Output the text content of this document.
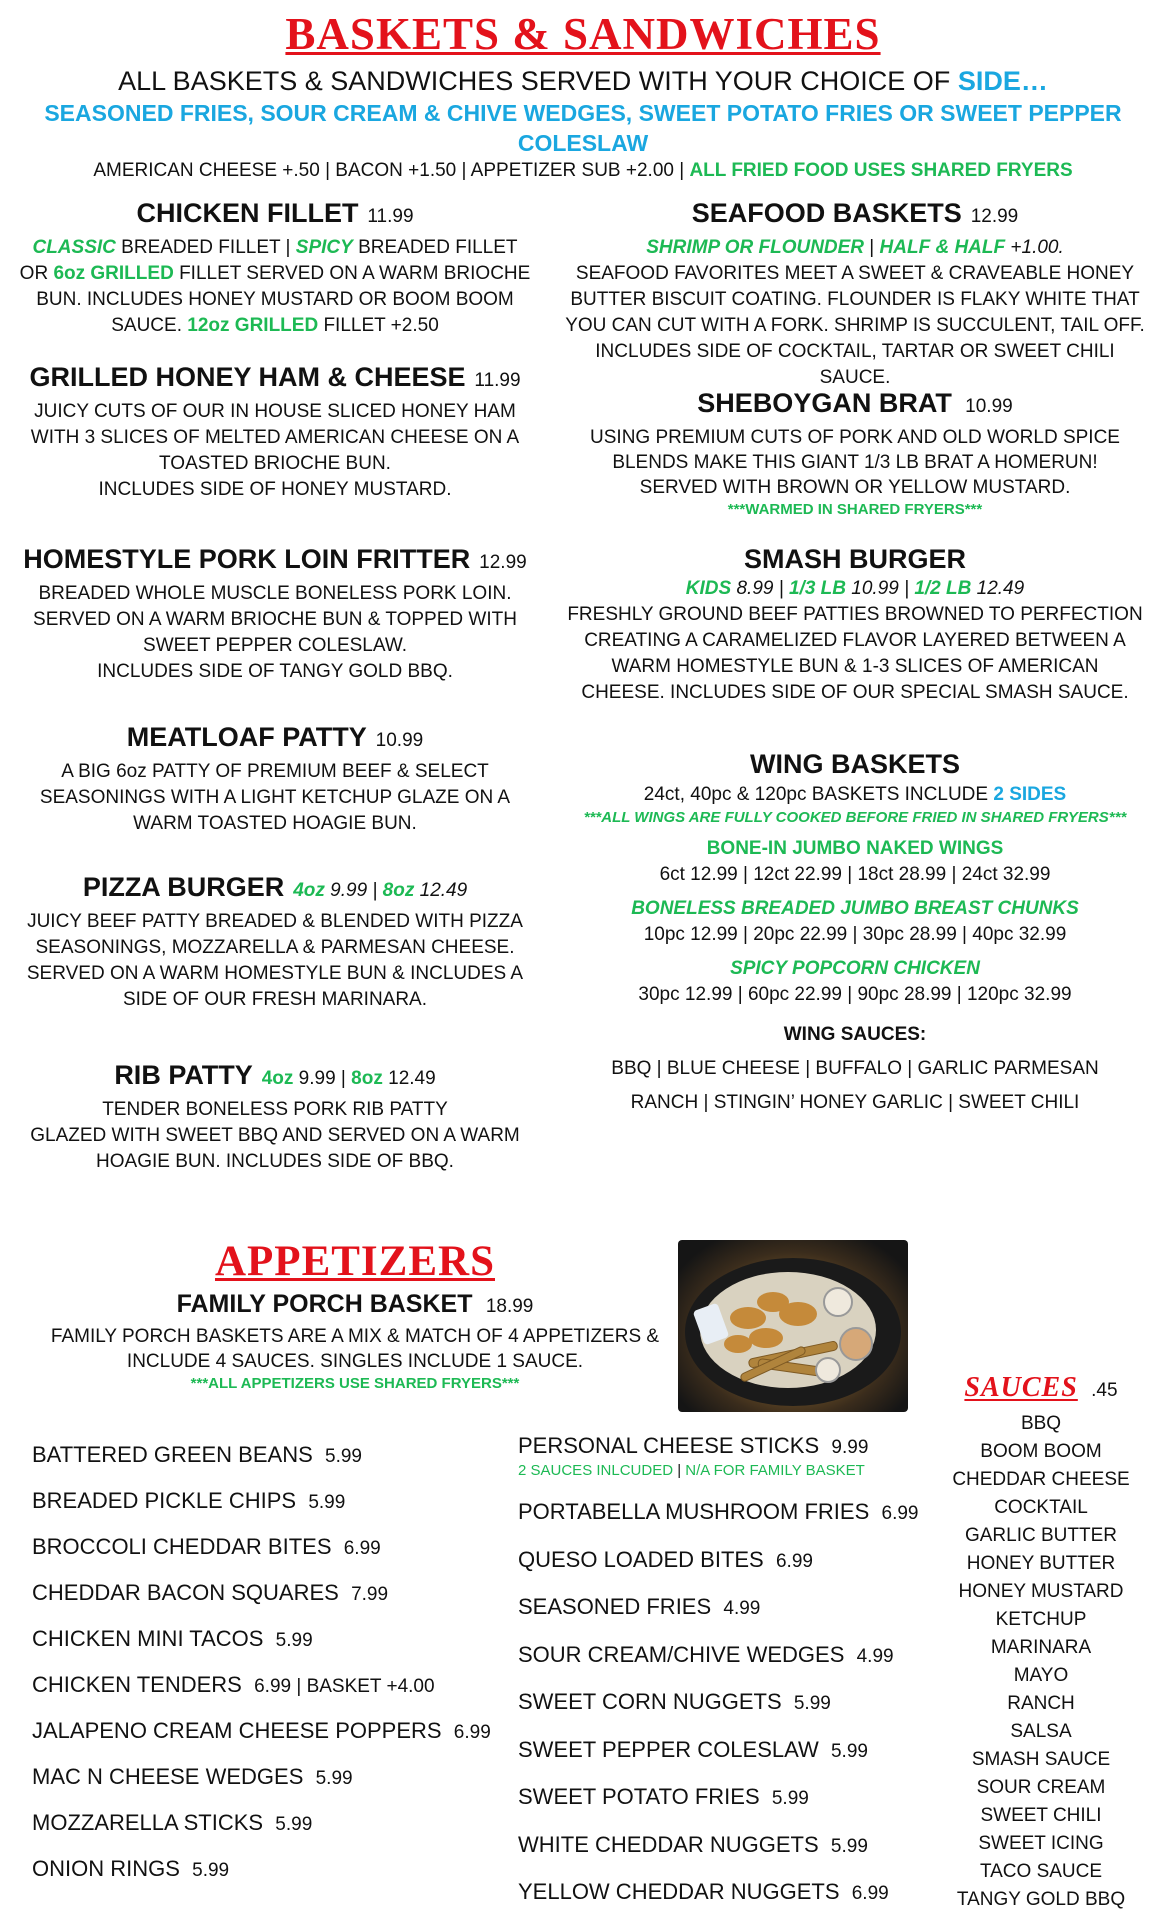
BASKETS & SANDWICHES
ALL BASKETS & SANDWICHES SERVED WITH YOUR CHOICE OF SIDE…
SEASONED FRIES, SOUR CREAM & CHIVE WEDGES, SWEET POTATO FRIES OR SWEET PEPPER COLESLAW
AMERICAN CHEESE +.50 | BACON +1.50 | APPETIZER SUB +2.00 | ALL FRIED FOOD USES SHARED FRYERS
CHICKEN FILLET 11.99
CLASSIC BREADED FILLET | SPICY BREADED FILLET
OR 6oz GRILLED FILLET SERVED ON A WARM BRIOCHE
BUN. INCLUDES HONEY MUSTARD OR BOOM BOOM
SAUCE. 12oz GRILLED FILLET +2.50
GRILLED HONEY HAM & CHEESE 11.99
JUICY CUTS OF OUR IN HOUSE SLICED HONEY HAM
WITH 3 SLICES OF MELTED AMERICAN CHEESE ON A
TOASTED BRIOCHE BUN.
INCLUDES SIDE OF HONEY MUSTARD.
HOMESTYLE PORK LOIN FRITTER 12.99
BREADED WHOLE MUSCLE BONELESS PORK LOIN.
SERVED ON A WARM BRIOCHE BUN & TOPPED WITH
SWEET PEPPER COLESLAW.
INCLUDES SIDE OF TANGY GOLD BBQ.
MEATLOAF PATTY 10.99
A BIG 6oz PATTY OF PREMIUM BEEF & SELECT
SEASONINGS WITH A LIGHT KETCHUP GLAZE ON A
WARM TOASTED HOAGIE BUN.
PIZZA BURGER 4oz 9.99 | 8oz 12.49
JUICY BEEF PATTY BREADED & BLENDED WITH PIZZA
SEASONINGS, MOZZARELLA & PARMESAN CHEESE.
SERVED ON A WARM HOMESTYLE BUN & INCLUDES A
SIDE OF OUR FRESH MARINARA.
RIB PATTY 4oz 9.99 | 8oz 12.49
TENDER BONELESS PORK RIB PATTY
GLAZED WITH SWEET BBQ AND SERVED ON A WARM
HOAGIE BUN. INCLUDES SIDE OF BBQ.
SEAFOOD BASKETS 12.99
SHRIMP OR FLOUNDER | HALF & HALF +1.00.
SEAFOOD FAVORITES MEET A SWEET & CRAVEABLE HONEY
BUTTER BISCUIT COATING. FLOUNDER IS FLAKY WHITE THAT
YOU CAN CUT WITH A FORK. SHRIMP IS SUCCULENT, TAIL OFF.
INCLUDES SIDE OF COCKTAIL, TARTAR OR SWEET CHILI SAUCE.
SHEBOYGAN BRAT 10.99
USING PREMIUM CUTS OF PORK AND OLD WORLD SPICE
BLENDS MAKE THIS GIANT 1/3 LB BRAT A HOMERUN!
SERVED WITH BROWN OR YELLOW MUSTARD.
***WARMED IN SHARED FRYERS***
SMASH BURGER
KIDS 8.99 | 1/3 LB 10.99 | 1/2 LB 12.49
FRESHLY GROUND BEEF PATTIES BROWNED TO PERFECTION
CREATING A CARAMELIZED FLAVOR LAYERED BETWEEN A
WARM HOMESTYLE BUN & 1-3 SLICES OF AMERICAN
CHEESE. INCLUDES SIDE OF OUR SPECIAL SMASH SAUCE.
WING BASKETS
24ct, 40pc & 120pc BASKETS INCLUDE 2 SIDES
***ALL WINGS ARE FULLY COOKED BEFORE FRIED IN SHARED FRYERS***
BONE-IN JUMBO NAKED WINGS
6ct 12.99 | 12ct 22.99 | 18ct 28.99 | 24ct 32.99
BONELESS BREADED JUMBO BREAST CHUNKS
10pc 12.99 | 20pc 22.99 | 30pc 28.99 | 40pc 32.99
SPICY POPCORN CHICKEN
30pc 12.99 | 60pc 22.99 | 90pc 28.99 | 120pc 32.99
WING SAUCES:
BBQ | BLUE CHEESE | BUFFALO | GARLIC PARMESAN
RANCH | STINGIN’ HONEY GARLIC | SWEET CHILI
APPETIZERS
FAMILY PORCH BASKET 18.99
FAMILY PORCH BASKETS ARE A MIX & MATCH OF 4 APPETIZERS &
INCLUDE 4 SAUCES. SINGLES INCLUDE 1 SAUCE.
***ALL APPETIZERS USE SHARED FRYERS***
BATTERED GREEN BEANS 5.99
BREADED PICKLE CHIPS 5.99
BROCCOLI CHEDDAR BITES 6.99
CHEDDAR BACON SQUARES 7.99
CHICKEN MINI TACOS 5.99
CHICKEN TENDERS 6.99 | BASKET +4.00
JALAPENO CREAM CHEESE POPPERS 6.99
MAC N CHEESE WEDGES 5.99
MOZZARELLA STICKS 5.99
ONION RINGS 5.99
PERSONAL CHEESE STICKS 9.99
2 SAUCES INLCUDED | N/A FOR FAMILY BASKET
PORTABELLA MUSHROOM FRIES 6.99
QUESO LOADED BITES 6.99
SEASONED FRIES 4.99
SOUR CREAM/CHIVE WEDGES 4.99
SWEET CORN NUGGETS 5.99
SWEET PEPPER COLESLAW 5.99
SWEET POTATO FRIES 5.99
WHITE CHEDDAR NUGGETS 5.99
YELLOW CHEDDAR NUGGETS 6.99
SAUCES .45
BBQ
BOOM BOOM
CHEDDAR CHEESE
COCKTAIL
GARLIC BUTTER
HONEY BUTTER
HONEY MUSTARD
KETCHUP
MARINARA
MAYO
RANCH
SALSA
SMASH SAUCE
SOUR CREAM
SWEET CHILI
SWEET ICING
TACO SAUCE
TANGY GOLD BBQ
